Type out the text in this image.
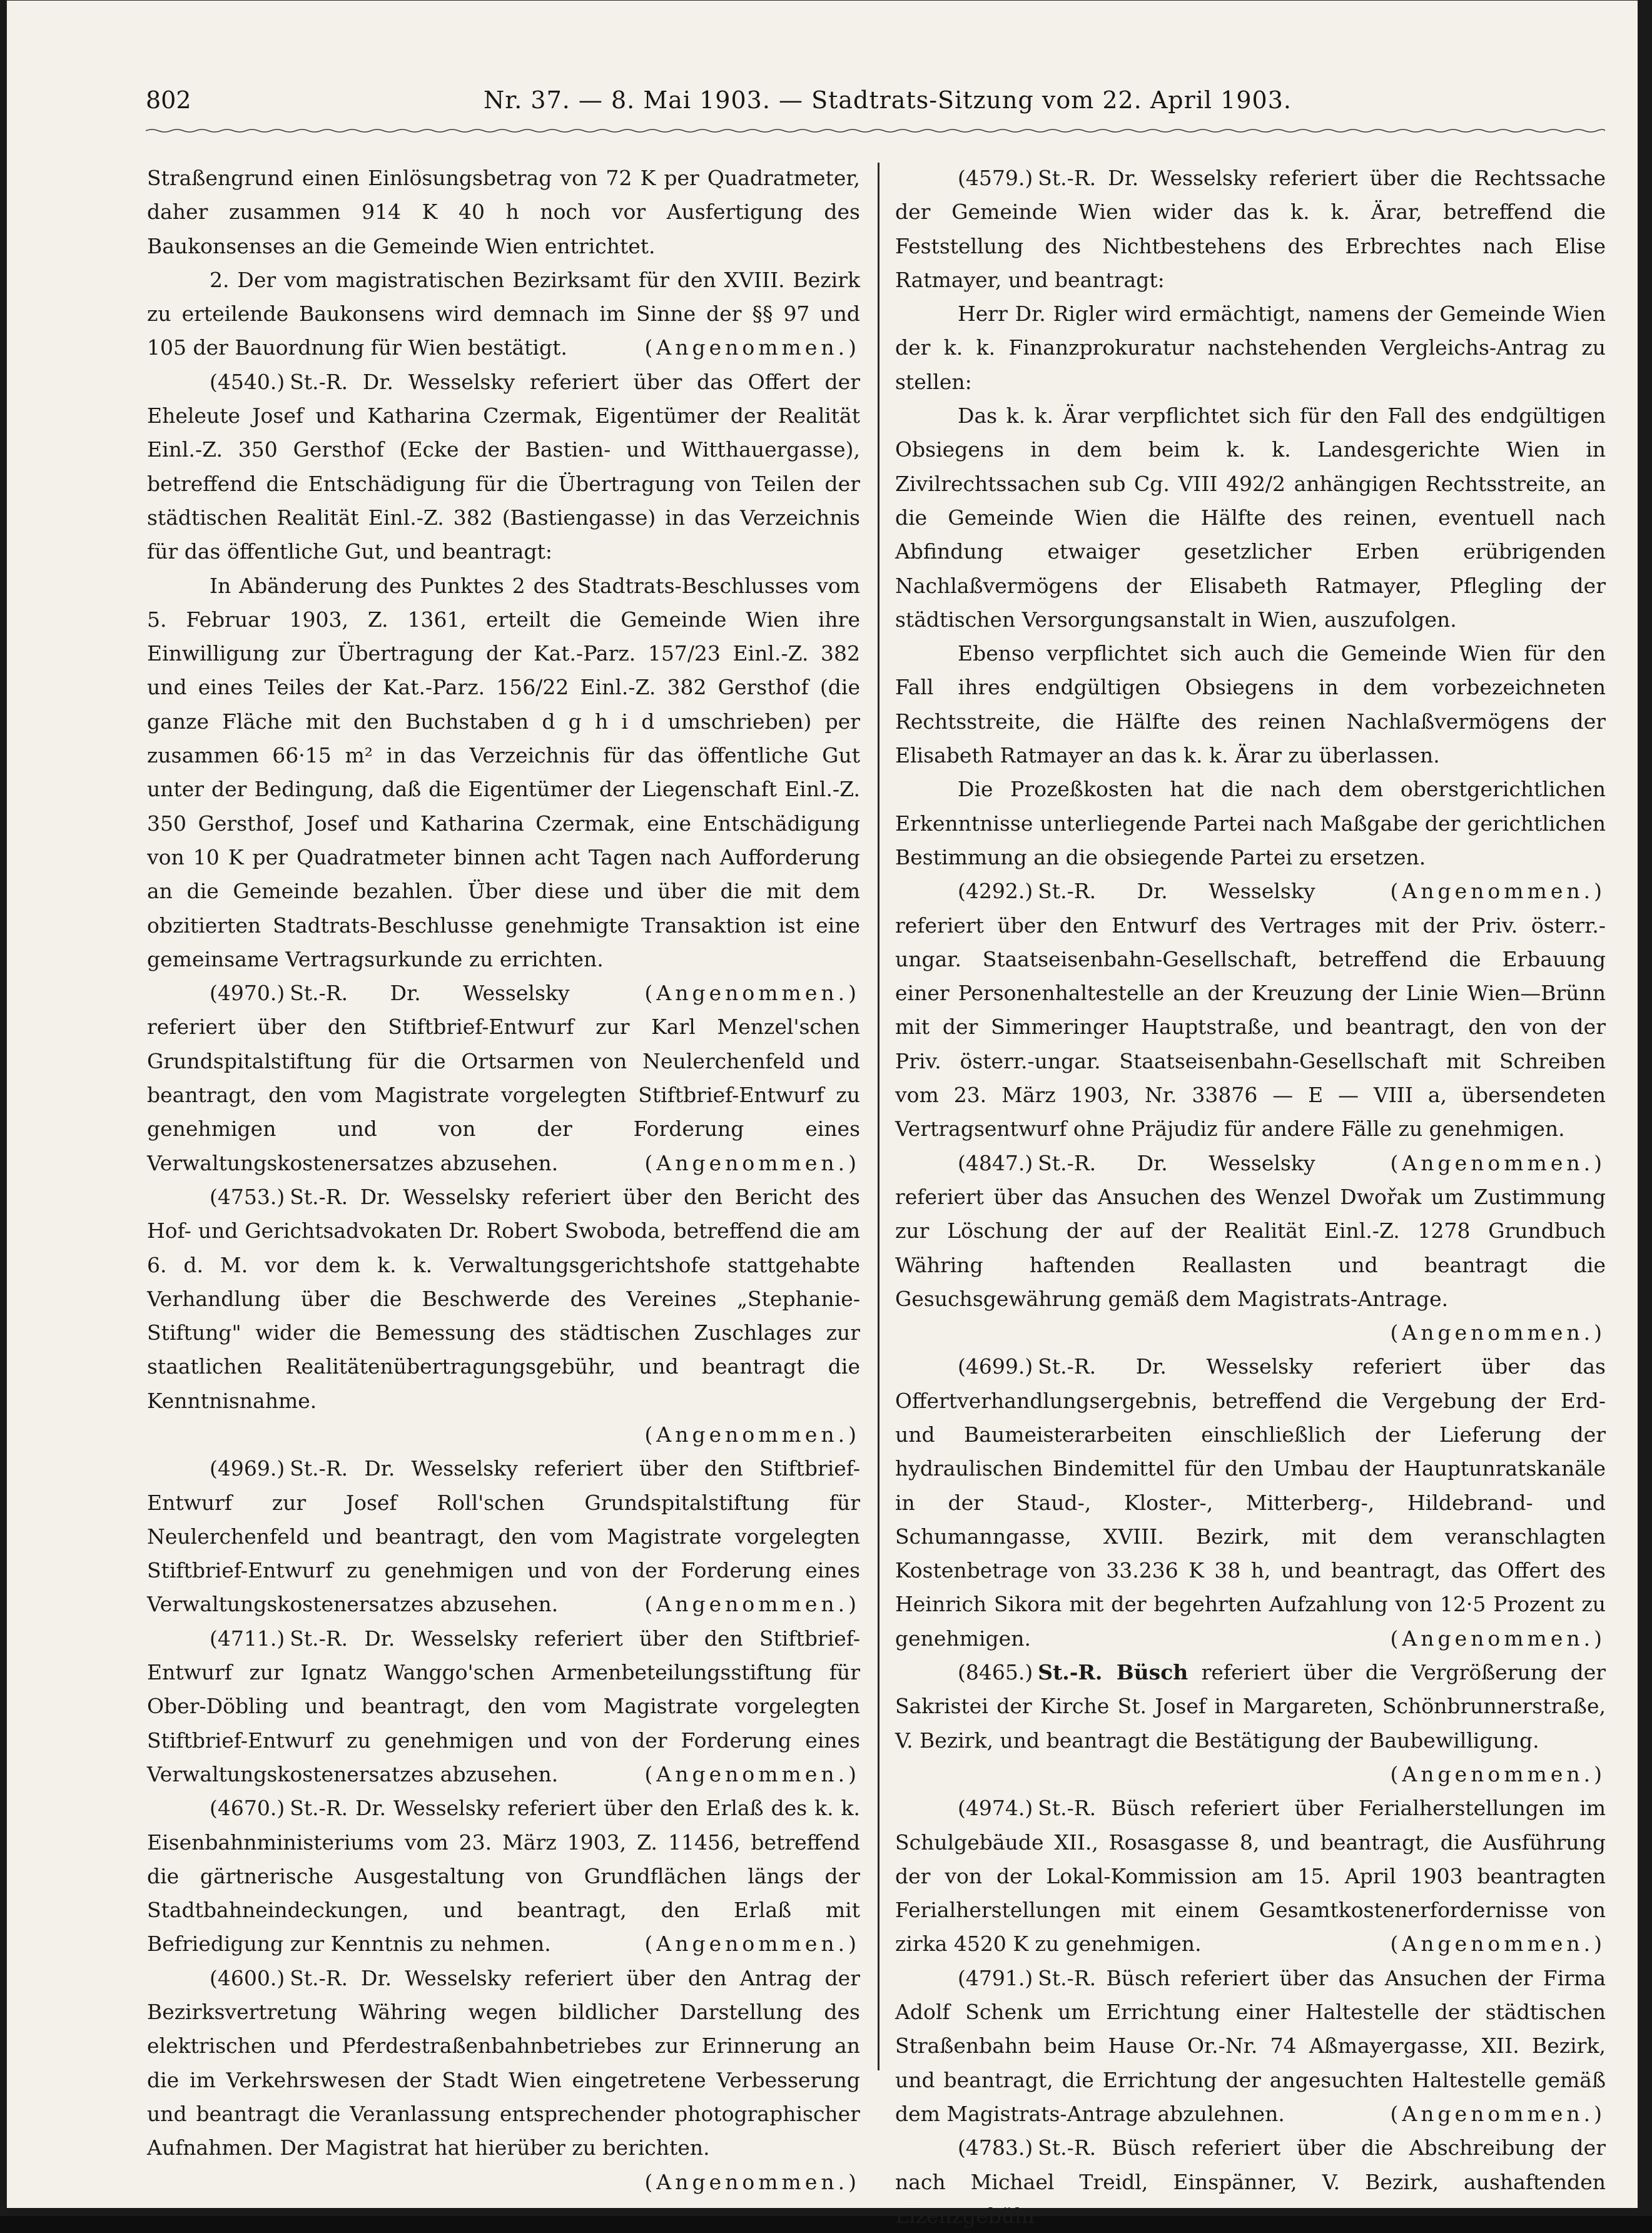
802	Nr. 37. — 8. Mai 1903. — Stadtrats-Sitzung vom 22. April 1903.

Straßengrund einen Einlösungsbetrag von 72 K per Quadratmeter, daher zusammen 914 K 40 h noch vor Ausfertigung des Baukonsenses an die Gemeinde Wien entrichtet.

2. Der vom magistratischen Bezirksamt für den XVIII. Bezirk zu erteilende Baukonsens wird demnach im Sinne der §§ 97 und 105 der Bauordnung für Wien bestätigt.	(Angenommen.)

(4540.) St.-R. Dr. Wesselsky referiert über das Offert der Eheleute Josef und Katharina Czermak, Eigentümer der Realität Einl.-Z. 350 Gersthof (Ecke der Bastien- und Witthauergasse), betreffend die Entschädigung für die Übertragung von Teilen der städtischen Realität Einl.-Z. 382 (Bastiengasse) in das Verzeichnis für das öffentliche Gut, und beantragt:

In Abänderung des Punktes 2 des Stadtrats-Beschlusses vom 5. Februar 1903, Z. 1361, erteilt die Gemeinde Wien ihre Einwilligung zur Übertragung der Kat.-Parz. 157/23 Einl.-Z. 382 und eines Teiles der Kat.-Parz. 156/22 Einl.-Z. 382 Gersthof (die ganze Fläche mit den Buchstaben d g h i d umschrieben) per zusammen 66·15 m² in das Verzeichnis für das öffentliche Gut unter der Bedingung, daß die Eigentümer der Liegenschaft Einl.-Z. 350 Gersthof, Josef und Katharina Czermak, eine Entschädigung von 10 K per Quadratmeter binnen acht Tagen nach Aufforderung an die Gemeinde bezahlen. Über diese und über die mit dem obzitierten Stadtrats-Beschlusse genehmigte Transaktion ist eine gemeinsame Vertragsurkunde zu errichten.
(Angenommen.)

(4970.) St.-R. Dr. Wesselsky referiert über den Stiftbrief-Entwurf zur Karl Menzel'schen Grundspitalstiftung für die Ortsarmen von Neulerchenfeld und beantragt, den vom Magistrate vorgelegten Stiftbrief-Entwurf zu genehmigen und von der Forderung eines Verwaltungskostenersatzes abzusehen.	(Angenommen.)

(4753.) St.-R. Dr. Wesselsky referiert über den Bericht des Hof- und Gerichtsadvokaten Dr. Robert Swoboda, betreffend die am 6. d. M. vor dem k. k. Verwaltungsgerichtshofe stattgehabte Verhandlung über die Beschwerde des Vereines „Stephanie-Stiftung" wider die Bemessung des städtischen Zuschlages zur staatlichen Realitätenübertragungsgebühr, und beantragt die Kenntnisnahme.

(Angenommen.)

(4969.) St.-R. Dr. Wesselsky referiert über den Stiftbrief-Entwurf zur Josef Roll'schen Grundspitalstiftung für Neulerchenfeld und beantragt, den vom Magistrate vorgelegten Stiftbrief-Entwurf zu genehmigen und von der Forderung eines Verwaltungskostenersatzes abzusehen.	(Angenommen.)

(4711.) St.-R. Dr. Wesselsky referiert über den Stiftbrief-Entwurf zur Ignatz Wanggo'schen Armenbeteilungsstiftung für Ober-Döbling und beantragt, den vom Magistrate vorgelegten Stiftbrief-Entwurf zu genehmigen und von der Forderung eines Verwaltungskostenersatzes abzusehen.	(Angenommen.)

(4670.) St.-R. Dr. Wesselsky referiert über den Erlaß des k. k. Eisenbahnministeriums vom 23. März 1903, Z. 11456, betreffend die gärtnerische Ausgestaltung von Grundflächen längs der Stadtbahneindeckungen, und beantragt, den Erlaß mit Befriedigung zur Kenntnis zu nehmen.	(Angenommen.)

(4600.) St.-R. Dr. Wesselsky referiert über den Antrag der Bezirksvertretung Währing wegen bildlicher Darstellung des elektrischen und Pferdestraßenbahnbetriebes zur Erinnerung an die im Verkehrswesen der Stadt Wien eingetretene Verbesserung und beantragt die Veranlassung entsprechender photographischer Aufnahmen. Der Magistrat hat hierüber zu berichten.
(Angenommen.)

(4579.) St.-R. Dr. Wesselsky referiert über die Rechtssache der Gemeinde Wien wider das k. k. Ärar, betreffend die Feststellung des Nichtbestehens des Erbrechtes nach Elise Ratmayer, und beantragt:

Herr Dr. Rigler wird ermächtigt, namens der Gemeinde Wien der k. k. Finanzprokuratur nachstehenden Vergleichs-Antrag zu stellen:

Das k. k. Ärar verpflichtet sich für den Fall des endgültigen Obsiegens in dem beim k. k. Landesgerichte Wien in Zivilrechtssachen sub Cg. VIII 492/2 anhängigen Rechtsstreite, an die Gemeinde Wien die Hälfte des reinen, eventuell nach Abfindung etwaiger gesetzlicher Erben erübrigenden Nachlaßvermögens der Elisabeth Ratmayer, Pflegling der städtischen Versorgungsanstalt in Wien, auszufolgen.

Ebenso verpflichtet sich auch die Gemeinde Wien für den Fall ihres endgültigen Obsiegens in dem vorbezeichneten Rechtsstreite, die Hälfte des reinen Nachlaßvermögens der Elisabeth Ratmayer an das k. k. Ärar zu überlassen.

Die Prozeßkosten hat die nach dem oberstgerichtlichen Erkenntnisse unterliegende Partei nach Maßgabe der gerichtlichen Bestimmung an die obsiegende Partei zu ersetzen.
(Angenommen.)

(4292.) St.-R. Dr. Wesselsky referiert über den Entwurf des Vertrages mit der Priv. österr.-ungar. Staatseisenbahn-Gesellschaft, betreffend die Erbauung einer Personenhaltestelle an der Kreuzung der Linie Wien—Brünn mit der Simmeringer Hauptstraße, und beantragt, den von der Priv. österr.-ungar. Staatseisenbahn-Gesellschaft mit Schreiben vom 23. März 1903, Nr. 33876 — E — VIII a, übersendeten Vertragsentwurf ohne Präjudiz für andere Fälle zu genehmigen.
(Angenommen.)

(4847.) St.-R. Dr. Wesselsky referiert über das Ansuchen des Wenzel Dwořak um Zustimmung zur Löschung der auf der Realität Einl.-Z. 1278 Grundbuch Währing haftenden Reallasten und beantragt die Gesuchsgewährung gemäß dem Magistrats-Antrage.

(Angenommen.)

(4699.) St.-R. Dr. Wesselsky referiert über das Offertverhandlungsergebnis, betreffend die Vergebung der Erd- und Baumeisterarbeiten einschließlich der Lieferung der hydraulischen Bindemittel für den Umbau der Hauptunratskanäle in der Staud-, Kloster-, Mitterberg-, Hildebrand- und Schumanngasse, XVIII. Bezirk, mit dem veranschlagten Kostenbetrage von 33.236 K 38 h, und beantragt, das Offert des Heinrich Sikora mit der begehrten Aufzahlung von 12·5 Prozent zu genehmigen.	(Angenommen.)

(8465.) St.-R. Büsch referiert über die Vergrößerung der Sakristei der Kirche St. Josef in Margareten, Schönbrunnerstraße, V. Bezirk, und beantragt die Bestätigung der Baubewilligung.

(Angenommen.)

(4974.) St.-R. Büsch referiert über Ferialherstellungen im Schulgebäude XII., Rosasgasse 8, und beantragt, die Ausführung der von der Lokal-Kommission am 15. April 1903 beantragten Ferialherstellungen mit einem Gesamtkostenerfordernisse von zirka 4520 K zu genehmigen.	(Angenommen.)

(4791.) St.-R. Büsch referiert über das Ansuchen der Firma Adolf Schenk um Errichtung einer Haltestelle der städtischen Straßenbahn beim Hause Or.-Nr. 74 Aßmayergasse, XII. Bezirk, und beantragt, die Errichtung der angesuchten Haltestelle gemäß dem Magistrats-Antrage abzulehnen.	(Angenommen.)

(4783.) St.-R. Büsch referiert über die Abschreibung der nach Michael Treidl, Einspänner, V. Bezirk, aushaftenden Lizenzgebühr
